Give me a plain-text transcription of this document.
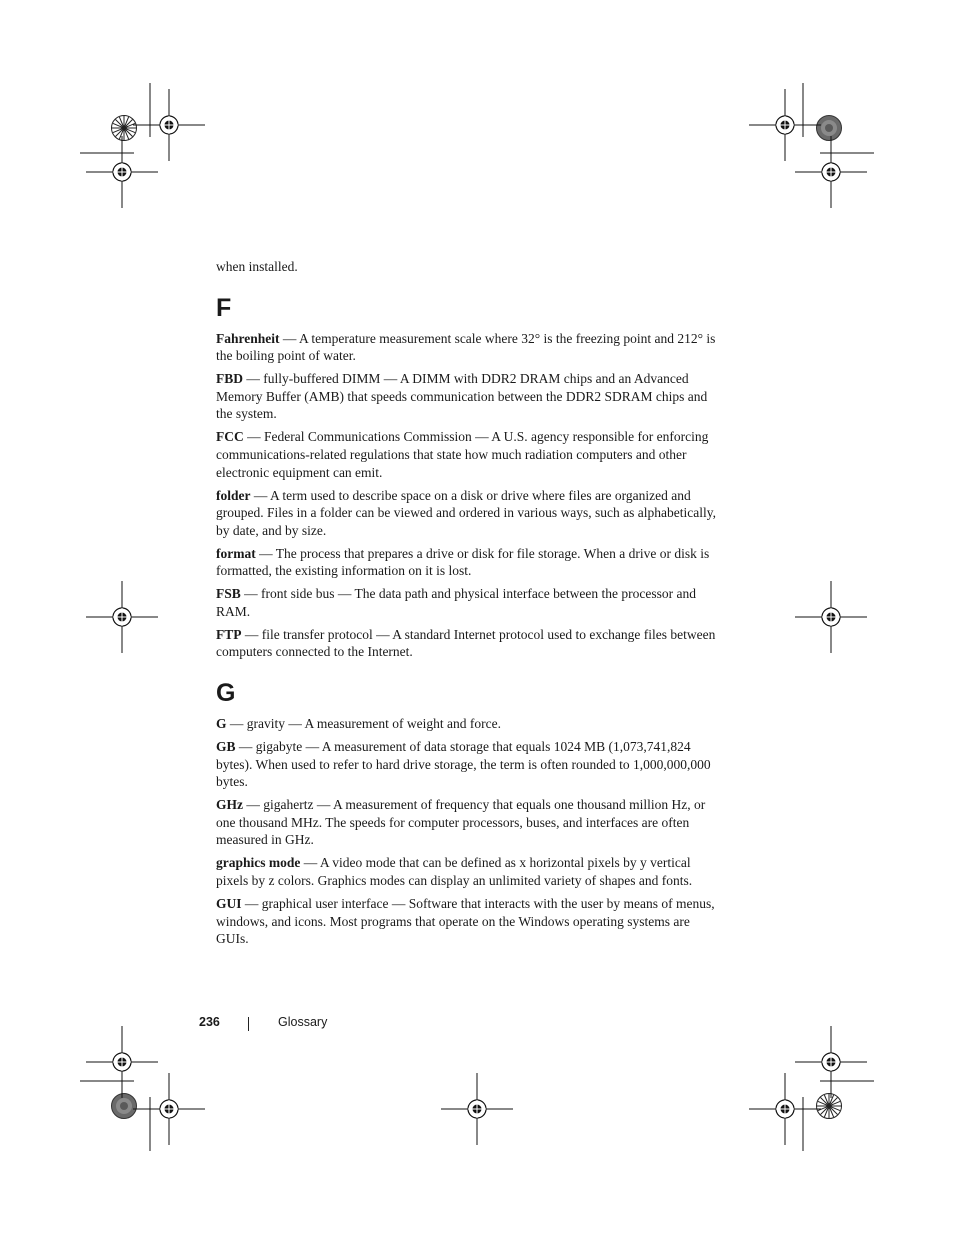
when installed.

F

Fahrenheit — A temperature measurement scale where 32° is the freezing point and 212° is the boiling point of water.

FBD — fully-buffered DIMM — A DIMM with DDR2 DRAM chips and an Advanced Memory Buffer (AMB) that speeds communication between the DDR2 SDRAM chips and the system.

FCC — Federal Communications Commission — A U.S. agency responsible for enforcing communications-related regulations that state how much radiation computers and other electronic equipment can emit.

folder — A term used to describe space on a disk or drive where files are organized and grouped. Files in a folder can be viewed and ordered in various ways, such as alphabetically, by date, and by size.

format — The process that prepares a drive or disk for file storage. When a drive or disk is formatted, the existing information on it is lost.

FSB — front side bus — The data path and physical interface between the processor and RAM.

FTP — file transfer protocol — A standard Internet protocol used to exchange files between computers connected to the Internet.

G

G — gravity — A measurement of weight and force.

GB — gigabyte — A measurement of data storage that equals 1024 MB (1,073,741,824 bytes). When used to refer to hard drive storage, the term is often rounded to 1,000,000,000 bytes.

GHz — gigahertz — A measurement of frequency that equals one thousand million Hz, or one thousand MHz. The speeds for computer processors, buses, and interfaces are often measured in GHz.

graphics mode — A video mode that can be defined as x horizontal pixels by y vertical pixels by z colors. Graphics modes can display an unlimited variety of shapes and fonts.

GUI — graphical user interface — Software that interacts with the user by means of menus, windows, and icons. Most programs that operate on the Windows operating systems are GUIs.

236	Glossary
